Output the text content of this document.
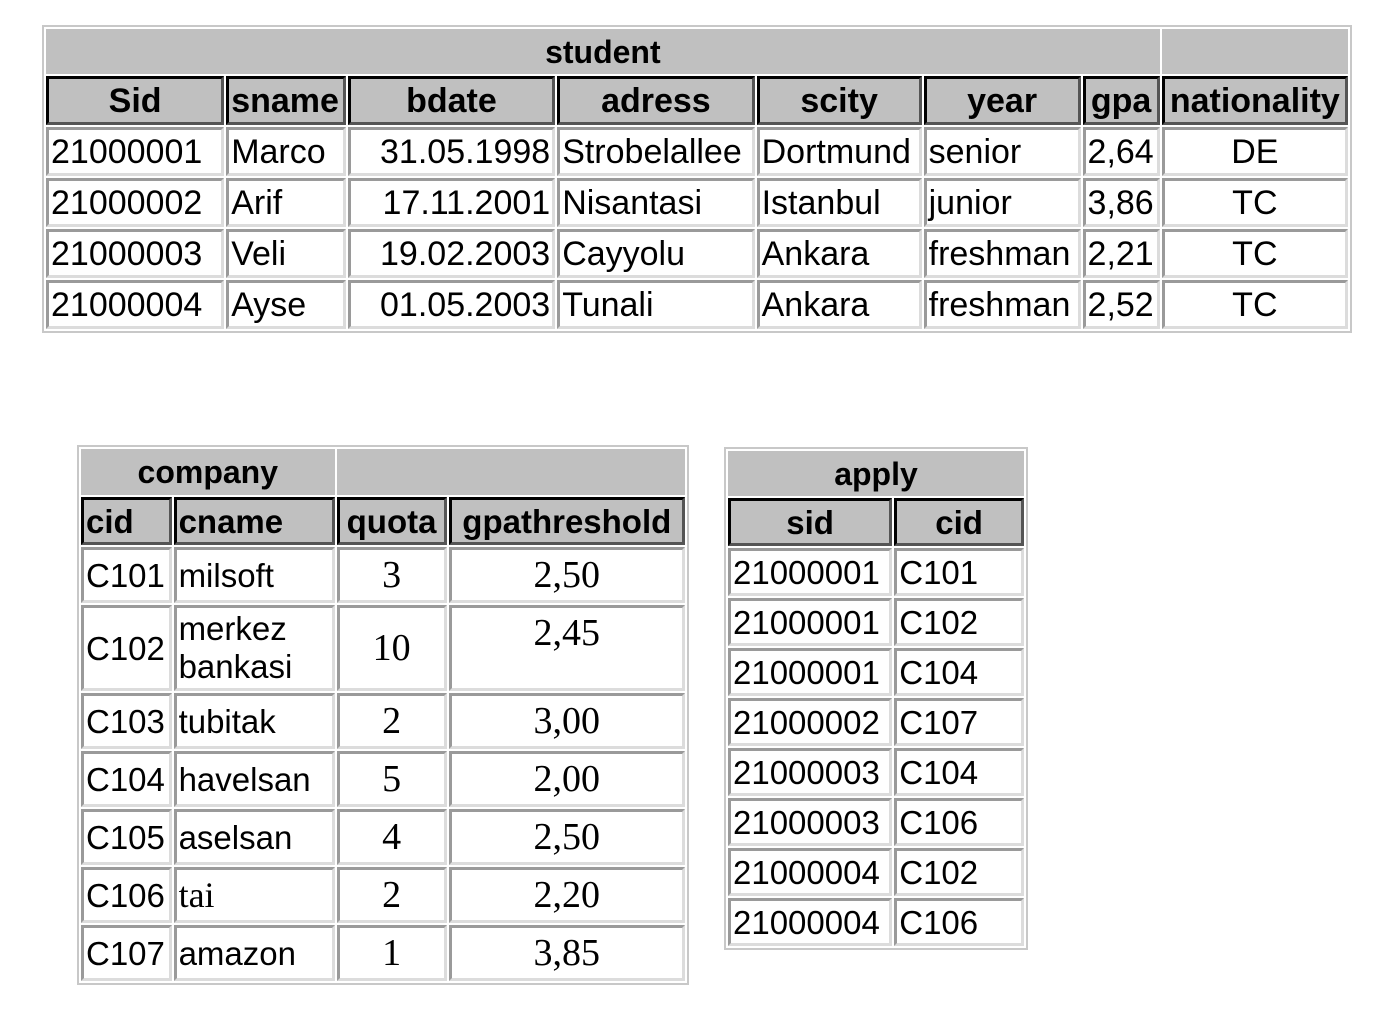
student							
Sid	sname	bdate	adress	scity	year	gpa	nationality
21000001	Marco	31.05.1998	Strobelallee	Dortmund	senior	2,64	DE
21000002	Arif	17.11.2001	Nisantasi	Istanbul	junior	3,86	TC
21000003	Veli	19.02.2003	Cayyolu	Ankara	freshman	2,21	TC
21000004	Ayse	01.05.2003	Tunali	Ankara	freshman	2,52	TC
company			
cid	cname	quota	gpathreshold
C101	milsoft	3	2,50
C102	merkez bankasi	10	2,45
C103	tubitak	2	3,00
C104	havelsan	5	2,00
C105	aselsan	4	2,50
C106	tai	2	2,20
C107	amazon	1	3,85
apply	
sid	cid
21000001	C101
21000001	C102
21000001	C104
21000002	C107
21000003	C104
21000003	C106
21000004	C102
21000004	C106
